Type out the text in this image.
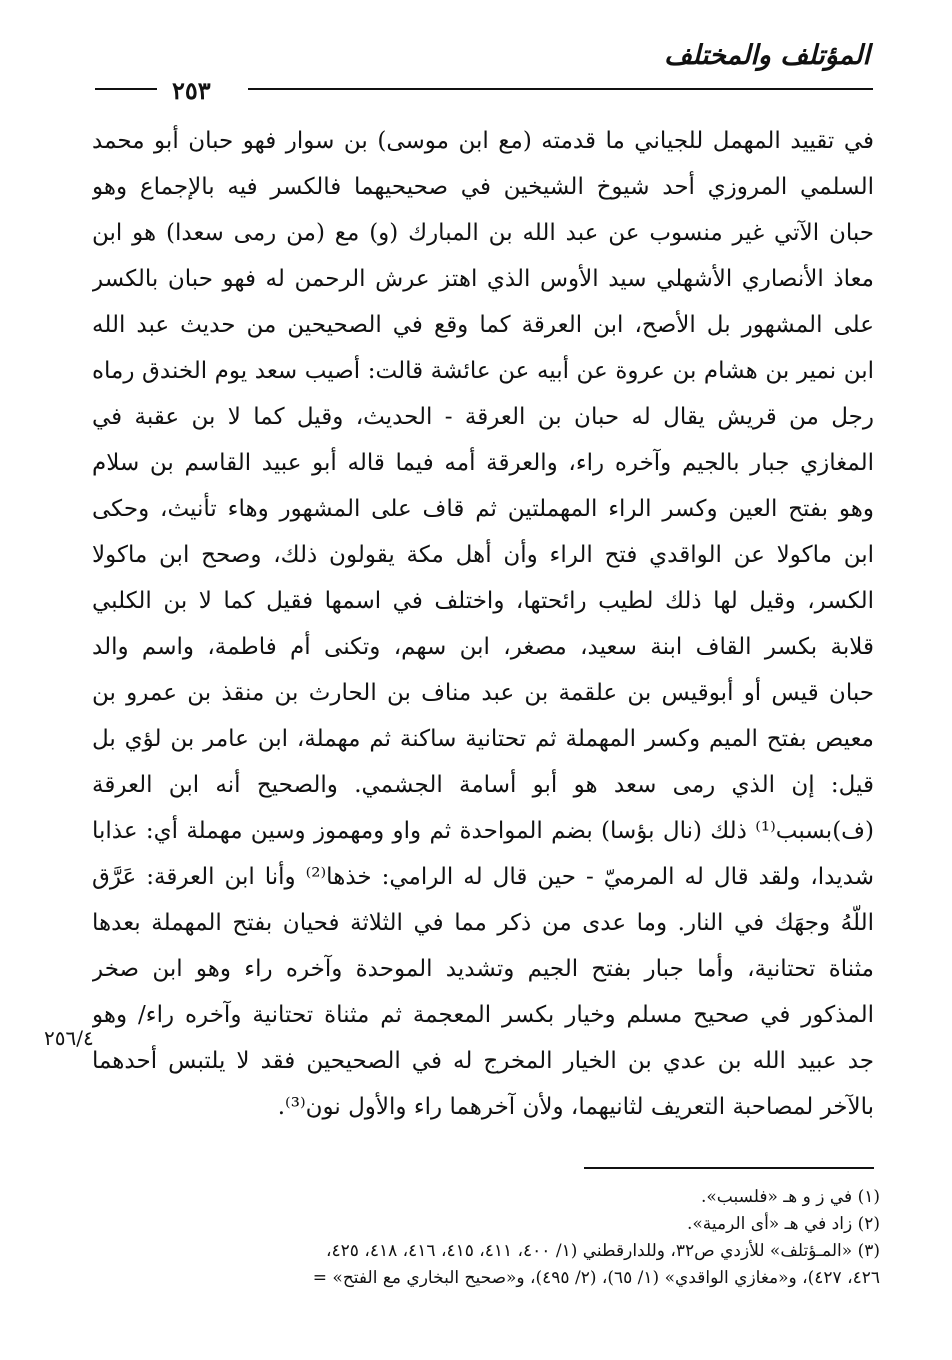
المؤتلف والمختلف
٢٥٣
في تقييد المهمل للجياني ما قدمته (مع ابن موسى) بن سوار فهو حبان أبو محمد
السلمي المروزي أحد شيوخ الشيخين في صحيحيهما فالكسر فيه بالإجماع وهو
حبان الآتي غير منسوب عن عبد الله بن المبارك (و) مع (من رمى سعدا) هو ابن
معاذ الأنصاري الأشهلي سيد الأوس الذي اهتز عرش الرحمن له فهو حبان بالكسر
على المشهور بل الأصح، ابن العرقة كما وقع في الصحيحين من حديث عبد الله
ابن نمير بن هشام بن عروة عن أبيه عن عائشة قالت: أصيب سعد يوم الخندق رماه
رجل من قريش يقال له حبان بن العرقة - الحديث، وقيل كما لا بن عقبة في
المغازي جبار بالجيم وآخره راء، والعرقة أمه فيما قاله أبو عبيد القاسم بن سلام
وهو بفتح العين وكسر الراء المهملتين ثم قاف على المشهور وهاء تأنيث، وحكى
ابن ماكولا عن الواقدي فتح الراء وأن أهل مكة يقولون ذلك، وصحح ابن ماكولا
الكسر، وقيل لها ذلك لطيب رائحتها، واختلف في اسمها فقيل كما لا بن الكلبي
قلابة بكسر القاف ابنة سعيد، مصغر، ابن سهم، وتكنى أم فاطمة، واسم والد
حبان قيس أو أبوقيس بن علقمة بن عبد مناف بن الحارث بن منقذ بن عمرو بن
معيص بفتح الميم وكسر المهملة ثم تحتانية ساكنة ثم مهملة، ابن عامر بن لؤي بل
قيل: إن الذي رمى سعد هو أبو أسامة الجشمي. والصحيح أنه ابن العرقة
(ف)بسبب⁽¹⁾ ذلك (نال بؤسا) بضم المواحدة ثم واو ومهموز وسين مهملة أي: عذابا
شديدا، ولقد قال له المرميّ - حين قال له الرامي: خذها⁽²⁾ وأنا ابن العرقة: عَرَّق
اللّهُ وجهَك في النار. وما عدى من ذكر مما في الثلاثة فحيان بفتح المهملة بعدها
مثناة تحتانية، وأما جبار بفتح الجيم وتشديد الموحدة وآخره راء وهو ابن صخر
المذكور في صحيح مسلم وخيار بكسر المعجمة ثم مثناة تحتانية وآخره راء/ وهو
جد عبيد الله بن عدي بن الخيار المخرج له في الصحيحين فقد لا يلتبس أحدهما
بالآخر لمصاحبة التعريف لثانيهما، ولأن آخرهما راء والأول نون⁽³⁾.
٢٥٦/٤
(١) في ز و هـ «فلسبب».
(٢) زاد في هـ «أى الرمية».
(٣) «المـؤتلف» للأزدي ص٣٢، وللدارقطني (١/ ٤٠٠، ٤١١، ٤١٥، ٤١٦، ٤١٨، ٤٢٥،
٤٢٦، ٤٢٧)، و«مغازي الواقدي» (١/ ٦٥)، (٢/ ٤٩٥)، و«صحيح البخاري مع الفتح» =
